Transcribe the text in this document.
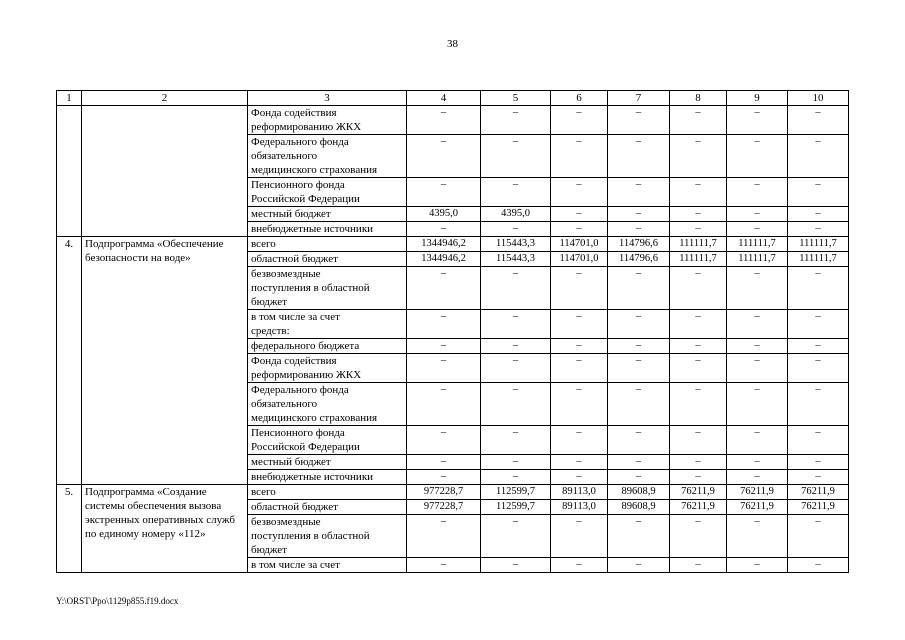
38
1	2	3	4	5	6	7	8	9	10

		Фонда содействия
реформированию ЖКХ	–	–	–	–	–	–	–

		Федерального фонда
обязательного
медицинского страхования	–	–	–	–	–	–	–

		Пенсионного фонда
Российской Федерации	–	–	–	–	–	–	–

		местный бюджет	4395,0	4395,0	–	–	–	–	–

		внебюджетные источники	–	–	–	–	–	–	–
4.	Подпрограмма «Обеспечение безопасности на воде»	всего	1344946,2	115443,3	114701,0	114796,6	111111,7	111111,7	111111,7

		областной бюджет	1344946,2	115443,3	114701,0	114796,6	111111,7	111111,7	111111,7

		безвозмездные
поступления в областной
бюджет	–	–	–	–	–	–	–

		в том числе за счет
средств:	–	–	–	–	–	–	–

		федерального бюджета	–	–	–	–	–	–	–

		Фонда содействия
реформированию ЖКХ	–	–	–	–	–	–	–

		Федерального фонда
обязательного
медицинского страхования	–	–	–	–	–	–	–

		Пенсионного фонда
Российской Федерации	–	–	–	–	–	–	–

		местный бюджет	–	–	–	–	–	–	–

		внебюджетные источники	–	–	–	–	–	–	–
5.	Подпрограмма «Создание системы обеспечения вызова экстренных оперативных служб по единому номеру «112»	всего	977228,7	112599,7	89113,0	89608,9	76211,9	76211,9	76211,9

		областной бюджет	977228,7	112599,7	89113,0	89608,9	76211,9	76211,9	76211,9

		безвозмездные
поступления в областной
бюджет	–	–	–	–	–	–	–

		в том числе за счет	–	–	–	–	–	–	–
Y:\ORST\Ppo\1129p855.f19.docx
